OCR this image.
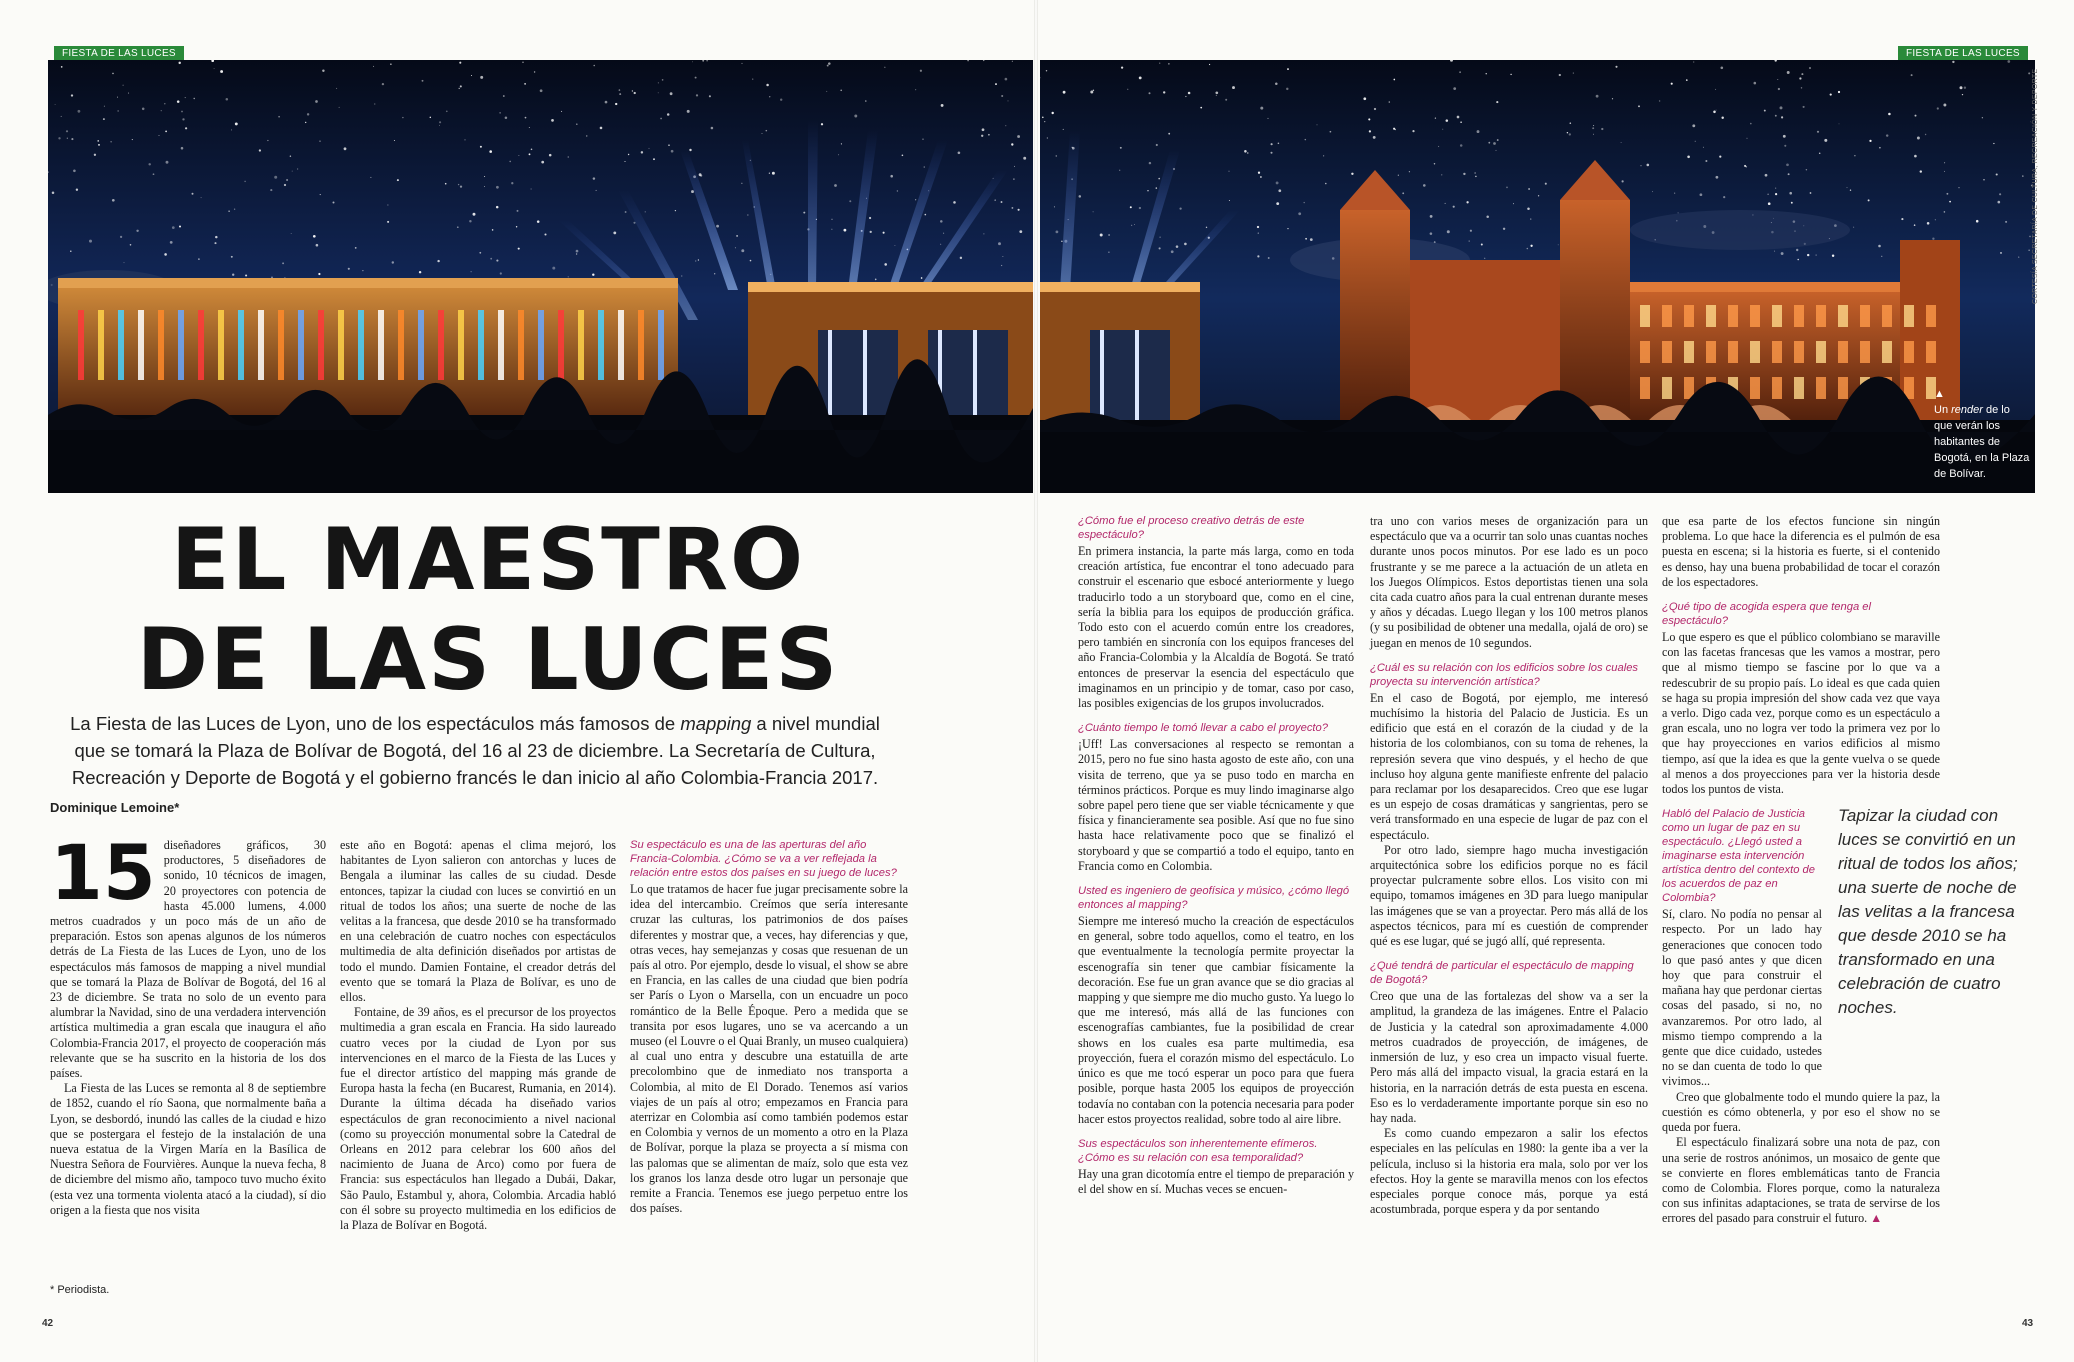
FIESTA DE LAS LUCES	FIESTA DE LAS LUCES
▲
Un render de lo que verán los habitantes de Bogotá, en la Plaza de Bolívar.
CORTESÍA SECRETARÍA DE CULTURA, RECREACIÓN Y DEPORTE
EL MAESTRO
DE LAS LUCES
La Fiesta de las Luces de Lyon, uno de los espectáculos más famosos de mapping a nivel mundial que se tomará la Plaza de Bolívar de Bogotá, del 16 al 23 de diciembre. La Secretaría de Cultura, Recreación y Deporte de Bogotá y el gobierno francés le dan inicio al año Colombia-Francia 2017.
Dominique Lemoine*
15 diseñadores gráficos, 30 productores, 5 diseñadores de sonido, 10 técnicos de imagen, 20 proyectores con potencia de hasta 45.000 lumens, 4.000 metros cuadrados y un poco más de un año de preparación. Estos son apenas algunos de los números detrás de La Fiesta de las Luces de Lyon, uno de los espectáculos más famosos de mapping a nivel mundial que se tomará la Plaza de Bolívar de Bogotá, del 16 al 23 de diciembre. Se trata no solo de un evento para alumbrar la Navidad, sino de una verdadera intervención artística multimedia a gran escala que inaugura el año Colombia-Francia 2017, el proyecto de cooperación más relevante que se ha suscrito en la historia de los dos países.

La Fiesta de las Luces se remonta al 8 de septiembre de 1852, cuando el río Saona, que normalmente baña a Lyon, se desbordó, inundó las calles de la ciudad e hizo que se postergara el festejo de la instalación de una nueva estatua de la Virgen María en la Basílica de Nuestra Señora de Fourvières. Aunque la nueva fecha, 8 de diciembre del mismo año, tampoco tuvo mucho éxito (esta vez una tormenta violenta atacó a la ciudad), sí dio origen a la fiesta que nos visita

este año en Bogotá: apenas el clima mejoró, los habitantes de Lyon salieron con antorchas y luces de Bengala a iluminar las calles de su ciudad. Desde entonces, tapizar la ciudad con luces se convirtió en un ritual de todos los años; una suerte de noche de las velitas a la francesa, que desde 2010 se ha transformado en una celebración de cuatro noches con espectáculos multimedia de alta definición diseñados por artistas de todo el mundo. Damien Fontaine, el creador detrás del evento que se tomará la Plaza de Bolívar, es uno de ellos.

Fontaine, de 39 años, es el precursor de los proyectos multimedia a gran escala en Francia. Ha sido laureado cuatro veces por la ciudad de Lyon por sus intervenciones en el marco de la Fiesta de las Luces y fue el director artístico del mapping más grande de Europa hasta la fecha (en Bucarest, Rumania, en 2014). Durante la última década ha diseñado varios espectáculos de gran reconocimiento a nivel nacional (como su proyección monumental sobre la Catedral de Orleans en 2012 para celebrar los 600 años del nacimiento de Juana de Arco) como por fuera de Francia: sus espectáculos han llegado a Dubái, Dakar, São Paulo, Estambul y, ahora, Colombia. Arcadia habló con él sobre su proyecto multimedia en los edificios de la Plaza de Bolívar en Bogotá.

Su espectáculo es una de las aperturas del año Francia-Colombia. ¿Cómo se va a ver reflejada la relación entre estos dos países en su juego de luces?

Lo que tratamos de hacer fue jugar precisamente sobre la idea del intercambio. Creímos que sería interesante cruzar las culturas, los patrimonios de dos países diferentes y mostrar que, a veces, hay diferencias y que, otras veces, hay semejanzas y cosas que resuenan de un país al otro. Por ejemplo, desde lo visual, el show se abre en Francia, en las calles de una ciudad que bien podría ser París o Lyon o Marsella, con un encuadre un poco romántico de la Belle Époque. Pero a medida que se transita por esos lugares, uno se va acercando a un museo (el Louvre o el Quai Branly, un museo cualquiera) al cual uno entra y descubre una estatuilla de arte precolombino que de inmediato nos transporta a Colombia, al mito de El Dorado. Tenemos así varios viajes de un país al otro; empezamos en Francia para aterrizar en Colombia así como también podemos estar en Colombia y vernos de un momento a otro en la Plaza de Bolívar, porque la plaza se proyecta a sí misma con las palomas que se alimentan de maíz, solo que esta vez los granos los lanza desde otro lugar un personaje que remite a Francia. Tenemos ese juego perpetuo entre los dos países.

* Periodista.
42
¿Cómo fue el proceso creativo detrás de este espectáculo?

En primera instancia, la parte más larga, como en toda creación artística, fue encontrar el tono adecuado para construir el escenario que esbocé anteriormente y luego traducirlo todo a un storyboard que, como en el cine, sería la biblia para los equipos de producción gráfica. Todo esto con el acuerdo común entre los creadores, pero también en sincronía con los equipos franceses del año Francia-Colombia y la Alcaldía de Bogotá. Se trató entonces de preservar la esencia del espectáculo que imaginamos en un principio y de tomar, caso por caso, las posibles exigencias de los grupos involucrados.

¿Cuánto tiempo le tomó llevar a cabo el proyecto?

¡Uff! Las conversaciones al respecto se remontan a 2015, pero no fue sino hasta agosto de este año, con una visita de terreno, que ya se puso todo en marcha en términos prácticos. Porque es muy lindo imaginarse algo sobre papel pero tiene que ser viable técnicamente y que física y financieramente sea posible. Así que no fue sino hasta hace relativamente poco que se finalizó el storyboard y que se compartió a todo el equipo, tanto en Francia como en Colombia.

Usted es ingeniero de geofísica y músico, ¿cómo llegó entonces al mapping?

Siempre me interesó mucho la creación de espectáculos en general, sobre todo aquellos, como el teatro, en los que eventualmente la tecnología permite proyectar la escenografía sin tener que cambiar físicamente la decoración. Ese fue un gran avance que se dio gracias al mapping y que siempre me dio mucho gusto. Ya luego lo que me interesó, más allá de las funciones con escenografías cambiantes, fue la posibilidad de crear shows en los cuales esa parte multimedia, esa proyección, fuera el corazón mismo del espectáculo. Lo único es que me tocó esperar un poco para que fuera posible, porque hasta 2005 los equipos de proyección todavía no contaban con la potencia necesaria para poder hacer estos proyectos realidad, sobre todo al aire libre.

Sus espectáculos son inherentemente efímeros. ¿Cómo es su relación con esa temporalidad?

Hay una gran dicotomía entre el tiempo de preparación y el del show en sí. Muchas veces se encuen-

tra uno con varios meses de organización para un espectáculo que va a ocurrir tan solo unas cuantas noches durante unos pocos minutos. Por ese lado es un poco frustrante y se me parece a la actuación de un atleta en los Juegos Olímpicos. Estos deportistas tienen una sola cita cada cuatro años para la cual entrenan durante meses y años y décadas. Luego llegan y los 100 metros planos (y su posibilidad de obtener una medalla, ojalá de oro) se juegan en menos de 10 segundos.

¿Cuál es su relación con los edificios sobre los cuales proyecta su intervención artística?

En el caso de Bogotá, por ejemplo, me interesó muchísimo la historia del Palacio de Justicia. Es un edificio que está en el corazón de la ciudad y de la historia de los colombianos, con su toma de rehenes, la represión severa que vino después, y el hecho de que incluso hoy alguna gente manifieste enfrente del palacio para reclamar por los desaparecidos. Creo que ese lugar es un espejo de cosas dramáticas y sangrientas, pero se verá transformado en una especie de lugar de paz con el espectáculo.

Por otro lado, siempre hago mucha investigación arquitectónica sobre los edificios porque no es fácil proyectar pulcramente sobre ellos. Los visito con mi equipo, tomamos imágenes en 3D para luego manipular las imágenes que se van a proyectar. Pero más allá de los aspectos técnicos, para mí es cuestión de comprender qué es ese lugar, qué se jugó allí, qué representa.

¿Qué tendrá de particular el espectáculo de mapping de Bogotá?

Creo que una de las fortalezas del show va a ser la amplitud, la grandeza de las imágenes. Entre el Palacio de Justicia y la catedral son aproximadamente 4.000 metros cuadrados de proyección, de imágenes, de inmersión de luz, y eso crea un impacto visual fuerte. Pero más allá del impacto visual, la gracia estará en la historia, en la narración detrás de esta puesta en escena. Eso es lo verdaderamente importante porque sin eso no hay nada.

Es como cuando empezaron a salir los efectos especiales en las películas en 1980: la gente iba a ver la película, incluso si la historia era mala, solo por ver los efectos. Hoy la gente se maravilla menos con los efectos especiales porque conoce más, porque ya está acostumbrada, porque espera y da por sentando

que esa parte de los efectos funcione sin ningún problema. Lo que hace la diferencia es el pulmón de esa puesta en escena; si la historia es fuerte, si el contenido es denso, hay una buena probabilidad de tocar el corazón de los espectadores.

¿Qué tipo de acogida espera que tenga el espectáculo?

Lo que espero es que el público colombiano se maraville con las facetas francesas que les vamos a mostrar, pero que al mismo tiempo se fascine por lo que va a redescubrir de su propio país. Lo ideal es que cada quien se haga su propia impresión del show cada vez que vaya a verlo. Digo cada vez, porque como es un espectáculo a gran escala, uno no logra ver todo la primera vez por lo que hay proyecciones en varios edificios al mismo tiempo, así que la idea es que la gente vuelva o se quede al menos a dos proyecciones para ver la historia desde todos los puntos de vista.

Habló del Palacio de Justicia como un lugar de paz en su espectáculo. ¿Llegó usted a imaginarse esta intervención artística dentro del contexto de los acuerdos de paz en Colombia?

Sí, claro. No podía no pensar al respecto. Por un lado hay generaciones que conocen todo lo que pasó antes y que dicen hoy que para construir el mañana hay que perdonar ciertas cosas del pasado, si no, no avanzaremos. Por otro lado, al mismo tiempo comprendo a la gente que dice cuidado, ustedes no se dan cuenta de todo lo que vivimos...

Creo que globalmente todo el mundo quiere la paz, la cuestión es cómo obtenerla, y por eso el show no se queda por fuera.

El espectáculo finalizará sobre una nota de paz, con una serie de rostros anónimos, un mosaico de gente que se convierte en flores emblemáticas tanto de Francia como de Colombia. Flores porque, como la naturaleza con sus infinitas adaptaciones, se trata de servirse de los errores del pasado para construir el futuro. ▲

Tapizar la ciudad con luces se convirtió en un ritual de todos los años; una suerte de noche de las velitas a la francesa que desde 2010 se ha transformado en una celebración de cuatro noches.
43
